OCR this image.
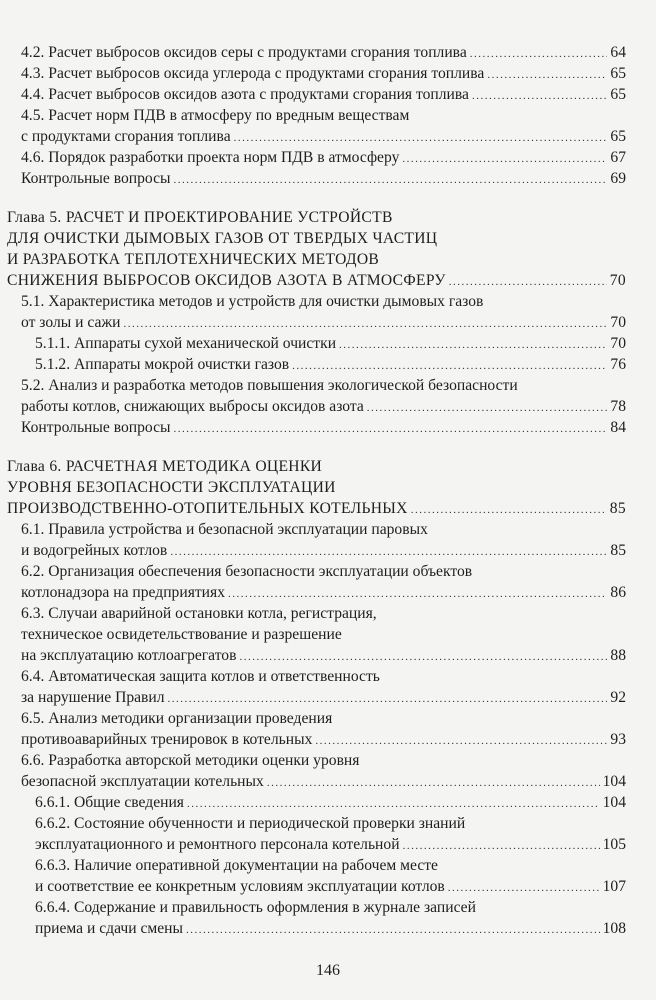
4.2. Расчет выбросов оксидов серы с продуктами сгорания топлива .....	64
4.3. Расчет выбросов оксида углерода с продуктами сгорания топлива .....	65
4.4. Расчет выбросов оксидов азота с продуктами сгорания топлива .....	65
4.5. Расчет норм ПДВ в атмосферу по вредным веществам
с продуктами сгорания топлива .....	65
4.6. Порядок разработки проекта норм ПДВ в атмосферу .....	67
Контрольные вопросы .....	69
Глава 5. РАСЧЕТ И ПРОЕКТИРОВАНИЕ УСТРОЙСТВ
ДЛЯ ОЧИСТКИ ДЫМОВЫХ ГАЗОВ ОТ ТВЕРДЫХ ЧАСТИЦ
И РАЗРАБОТКА ТЕПЛОТЕХНИЧЕСКИХ МЕТОДОВ
СНИЖЕНИЯ ВЫБРОСОВ ОКСИДОВ АЗОТА В АТМОСФЕРУ .....	70
5.1. Характеристика методов и устройств для очистки дымовых газов
от золы и сажи .....	70
5.1.1. Аппараты сухой механической очистки .....	70
5.1.2. Аппараты мокрой очистки газов .....	76
5.2. Анализ и разработка методов повышения экологической безопасности
работы котлов, снижающих выбросы оксидов азота .....	78
Контрольные вопросы .....	84
Глава 6. РАСЧЕТНАЯ МЕТОДИКА ОЦЕНКИ
УРОВНЯ БЕЗОПАСНОСТИ ЭКСПЛУАТАЦИИ
ПРОИЗВОДСТВЕННО-ОТОПИТЕЛЬНЫХ КОТЕЛЬНЫХ .....	85
6.1. Правила устройства и безопасной эксплуатации паровых
и водогрейных котлов .....	85
6.2. Организация обеспечения безопасности эксплуатации объектов
котлонадзора на предприятиях .....	86
6.3. Случаи аварийной остановки котла, регистрация,
техническое освидетельствование и разрешение
на эксплуатацию котлоагрегатов .....	88
6.4. Автоматическая защита котлов и ответственность
за нарушение Правил .....	92
6.5. Анализ методики организации проведения
противоаварийных тренировок в котельных .....	93
6.6. Разработка авторской методики оценки уровня
безопасной эксплуатации котельных .....	104
6.6.1. Общие сведения .....	104
6.6.2. Состояние обученности и периодической проверки знаний
эксплуатационного и ремонтного персонала котельной .....	105
6.6.3. Наличие оперативной документации на рабочем месте
и соответствие ее конкретным условиям эксплуатации котлов .....	107
6.6.4. Содержание и правильность оформления в журнале записей
приема и сдачи смены .....	108
146
